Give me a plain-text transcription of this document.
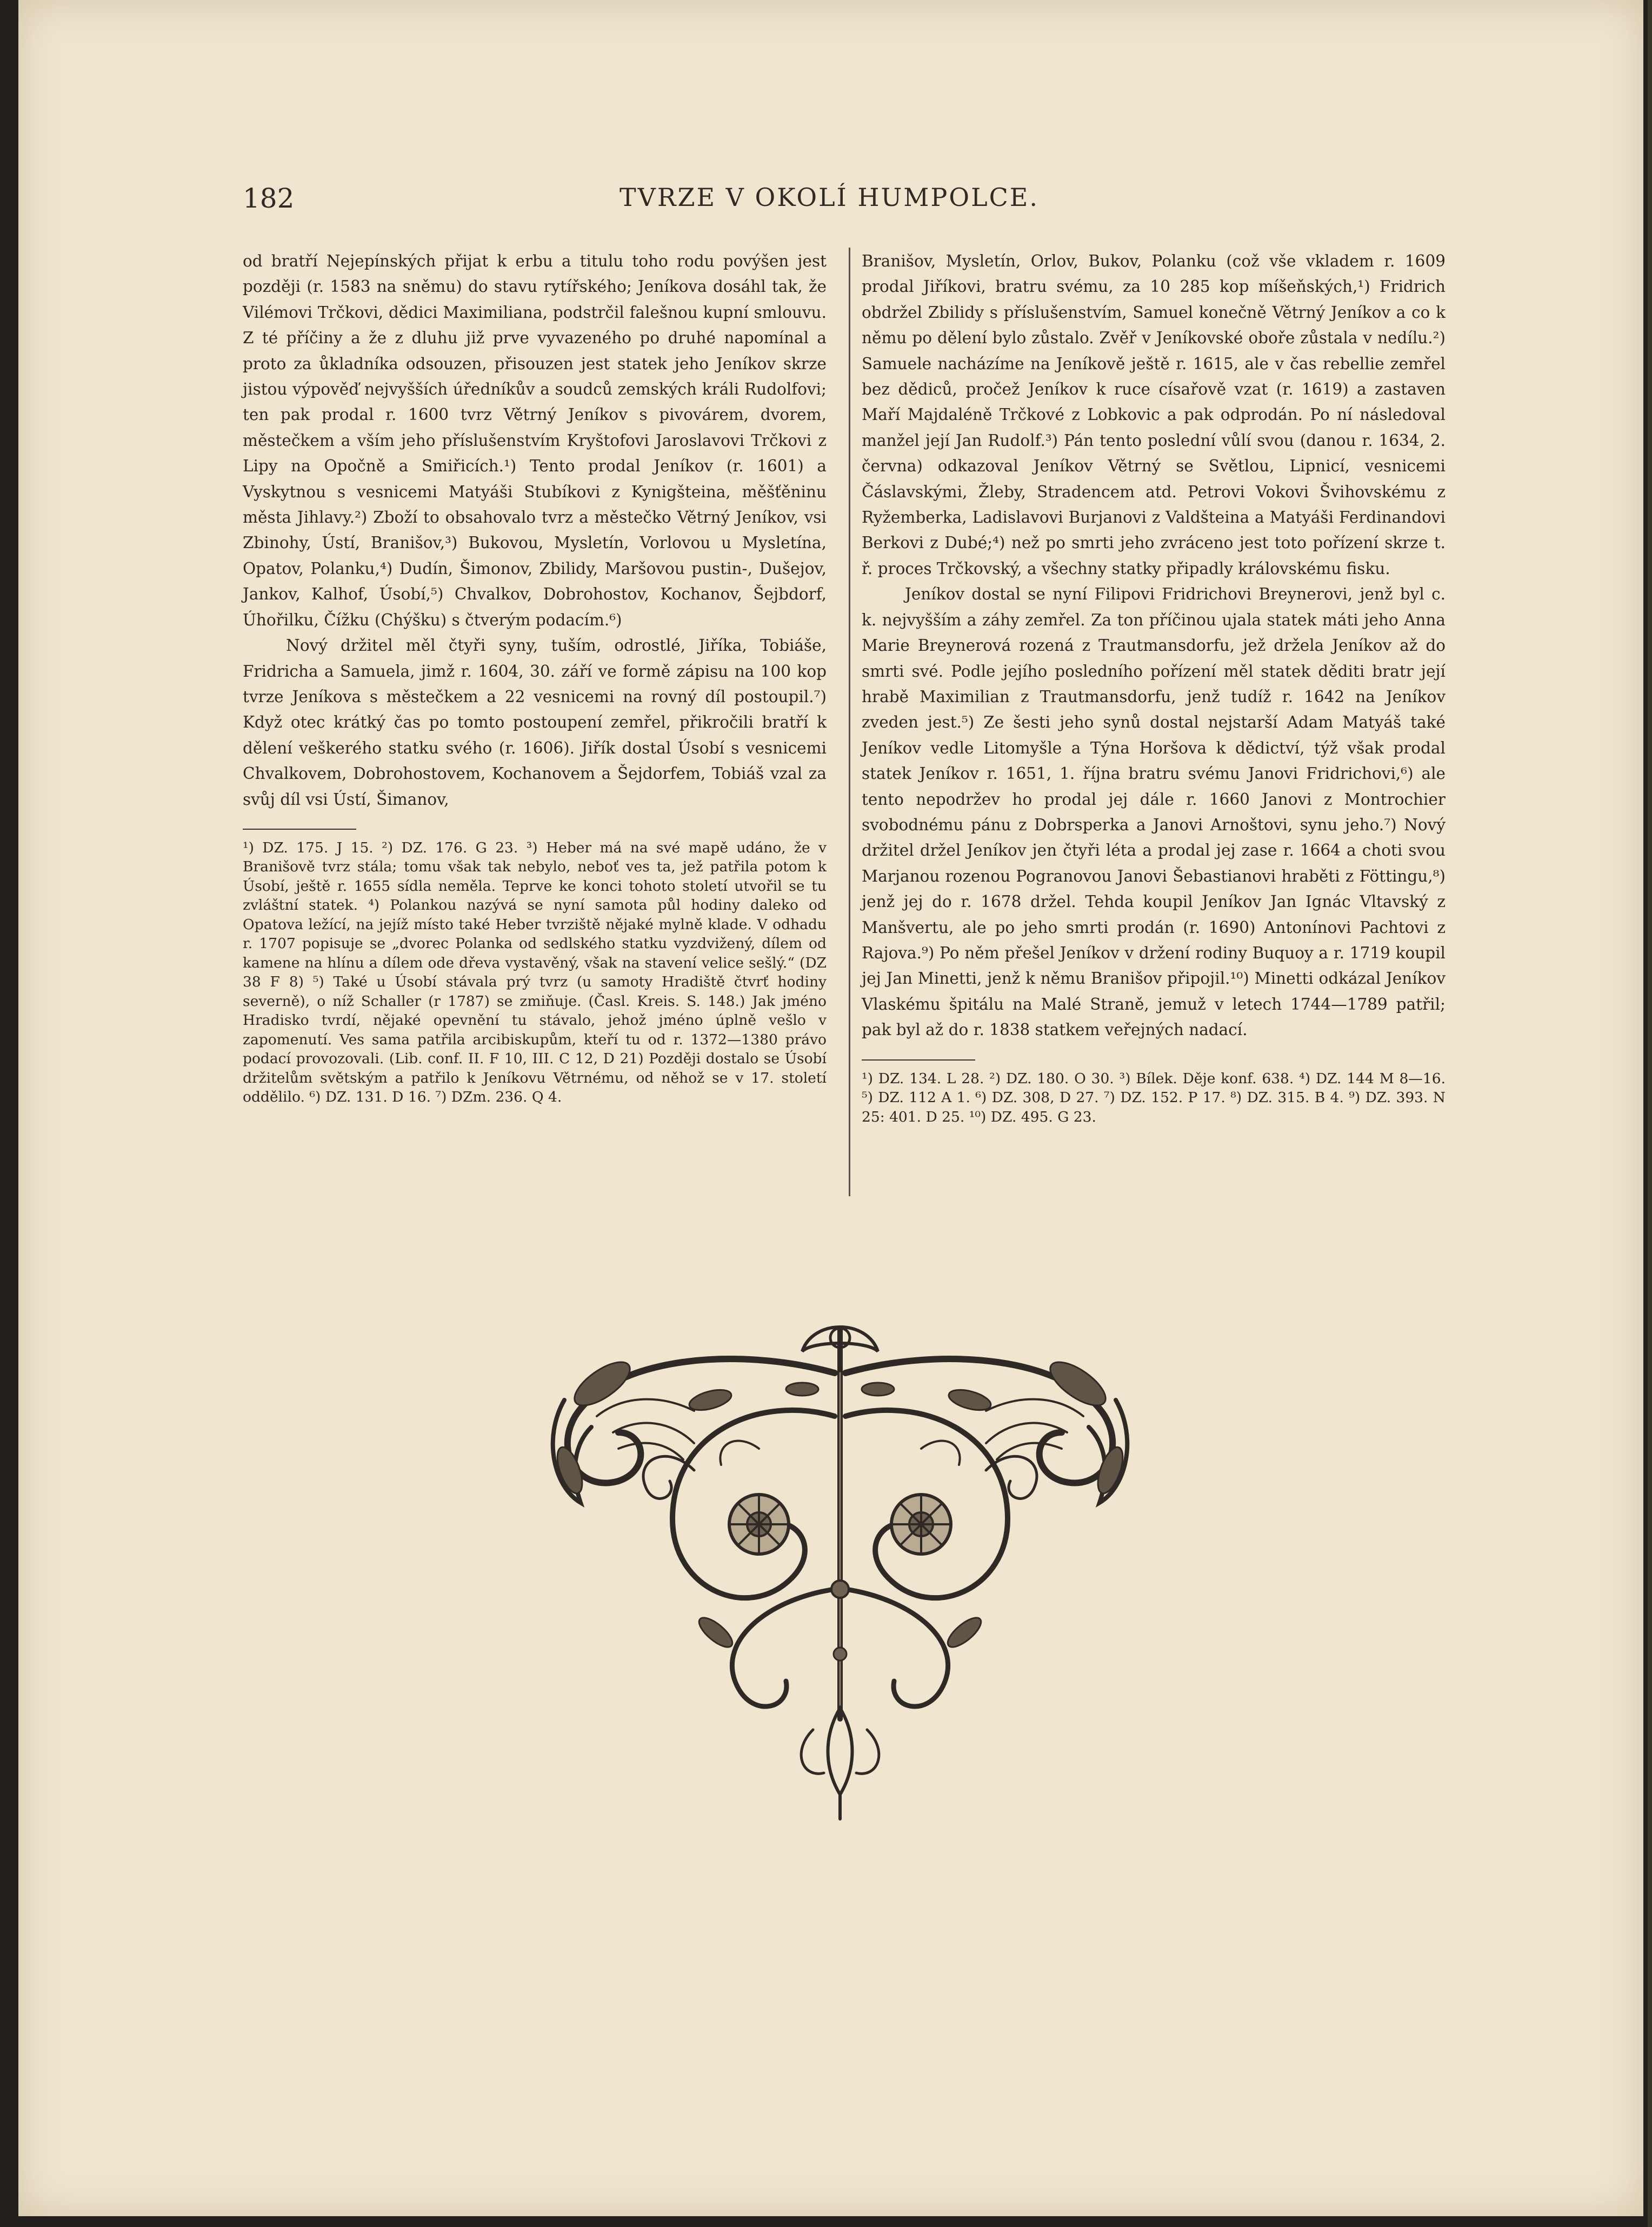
182	TVRZE V OKOLÍ HUMPOLCE.

od bratří Nejepínských přijat k erbu a titulu toho rodu povýšen jest později (r. 1583 na sněmu) do stavu rytířského; Jeníkova dosáhl tak, že Vilémovi Trčkovi, dědici Maximiliana, podstrčil falešnou kupní smlouvu. Z té příčiny a že z dluhu již prve vyvazeného po druhé napomínal a proto za ůkladníka odsouzen, přisouzen jest statek jeho Jeníkov skrze jistou výpověď nejvyšších úředníkův a soudců zemských králi Rudolfovi; ten pak prodal r. 1600 tvrz Větrný Jeníkov s pivovárem, dvorem, městečkem a vším jeho příslušenstvím Kryštofovi Jaroslavovi Trčkovi z Lipy na Opočně a Smiřicích.¹) Tento prodal Jeníkov (r. 1601) a Vyskytnou s vesnicemi Matyáši Stubíkovi z Kynigšteina, měšťěninu města Jihlavy.²) Zboží to obsahovalo tvrz a městečko Větrný Jeníkov, vsi Zbinohy, Ústí, Branišov,³) Bukovou, Mysletín, Vorlovou u Mysletína, Opatov, Polanku,⁴) Dudín, Šimonov, Zbilidy, Maršovou pustin-, Dušejov, Jankov, Kalhof, Úsobí,⁵) Chvalkov, Dobrohostov, Kochanov, Šejbdorf, Úhořilku, Čížku (Chýšku) s čtverým podacím.⁶)

Nový držitel měl čtyři syny, tuším, odrostlé, Jiříka, Tobiáše, Fridricha a Samuela, jimž r. 1604, 30. září ve formě zápisu na 100 kop tvrze Jeníkova s městečkem a 22 vesnicemi na rovný díl postoupil.⁷) Když otec krátký čas po tomto postoupení zemřel, přikročili bratří k dělení veškerého statku svého (r. 1606). Jiřík dostal Úsobí s vesnicemi Chvalkovem, Dobrohostovem, Kochanovem a Šejdorfem, Tobiáš vzal za svůj díl vsi Ústí, Šimanov,

¹) DZ. 175. J 15. ²) DZ. 176. G 23. ³) Heber má na své mapě udáno, že v Branišově tvrz stála; tomu však tak nebylo, neboť ves ta, jež patřila potom k Úsobí, ještě r. 1655 sídla neměla. Teprve ke konci tohoto století utvořil se tu zvláštní statek. ⁴) Polankou nazývá se nyní samota půl hodiny daleko od Opatova ležící, na jejíž místo také Heber tvrziště nějaké mylně klade. V odhadu r. 1707 popisuje se „dvorec Polanka od sedlského statku vyzdvižený, dílem od kamene na hlínu a dílem ode dřeva vystavěný, však na stavení velice sešlý.“ (DZ 38 F 8) ⁵) Také u Úsobí stávala prý tvrz (u samoty Hradiště čtvrť hodiny severně), o níž Schaller (r 1787) se zmiňuje. (Časl. Kreis. S. 148.) Jak jméno Hradisko tvrdí, nějaké opevnění tu stávalo, jehož jméno úplně vešlo v zapomenutí. Ves sama patřila arcibiskupům, kteří tu od r. 1372—1380 právo podací provozovali. (Lib. conf. II. F 10, III. C 12, D 21) Později dostalo se Úsobí držitelům světským a patřilo k Jeníkovu Větrnému, od něhož se v 17. století oddělilo. ⁶) DZ. 131. D 16. ⁷) DZm. 236. Q 4.

Branišov, Mysletín, Orlov, Bukov, Polanku (což vše vkladem r. 1609 prodal Jiříkovi, bratru svému, za 10 285 kop míšeňských,¹) Fridrich obdržel Zbilidy s příslušenstvím, Samuel konečně Větrný Jeníkov a co k němu po dělení bylo zůstalo. Zvěř v Jeníkovské oboře zůstala v nedílu.²) Samuele nacházíme na Jeníkově ještě r. 1615, ale v čas rebellie zemřel bez dědiců, pročež Jeníkov k ruce císařově vzat (r. 1619) a zastaven Maří Majdaléně Trčkové z Lobkovic a pak odprodán. Po ní následoval manžel její Jan Rudolf.³) Pán tento poslední vůlí svou (danou r. 1634, 2. června) odkazoval Jeníkov Větrný se Světlou, Lipnicí, vesnicemi Čáslavskými, Žleby, Stradencem atd. Petrovi Vokovi Švihovskému z Ryžemberka, Ladislavovi Burjanovi z Valdšteina a Matyáši Ferdinandovi Berkovi z Dubé;⁴) než po smrti jeho zvráceno jest toto pořízení skrze t. ř. proces Trčkovský, a všechny statky připadly královskému fisku.

Jeníkov dostal se nyní Filipovi Fridrichovi Breynerovi, jenž byl c. k. nejvyšším a záhy zemřel. Za ton příčinou ujala statek máti jeho Anna Marie Breynerová rozená z Trautmansdorfu, jež držela Jeníkov až do smrti své. Podle jejího posledního pořízení měl statek děditi bratr její hrabě Maximilian z Trautmansdorfu, jenž tudíž r. 1642 na Jeníkov zveden jest.⁵) Ze šesti jeho synů dostal nejstarší Adam Matyáš také Jeníkov vedle Litomyšle a Týna Horšova k dědictví, týž však prodal statek Jeníkov r. 1651, 1. října bratru svému Janovi Fridrichovi,⁶) ale tento nepodržev ho prodal jej dále r. 1660 Janovi z Montrochier svobodnému pánu z Dobrsperka a Janovi Arnoštovi, synu jeho.⁷) Nový držitel držel Jeníkov jen čtyři léta a prodal jej zase r. 1664 a choti svou Marjanou rozenou Pogranovou Janovi Šebastianovi hraběti z Föttingu,⁸) jenž jej do r. 1678 držel. Tehda koupil Jeníkov Jan Ignác Vltavský z Manšvertu, ale po jeho smrti prodán (r. 1690) Antonínovi Pachtovi z Rajova.⁹) Po něm přešel Jeníkov v držení rodiny Buquoy a r. 1719 koupil jej Jan Minetti, jenž k němu Branišov připojil.¹⁰) Minetti odkázal Jeníkov Vlaskému špitálu na Malé Straně, jemuž v letech 1744—1789 patřil; pak byl až do r. 1838 statkem veřejných nadací.

¹) DZ. 134. L 28. ²) DZ. 180. O 30. ³) Bílek. Děje konf. 638. ⁴) DZ. 144 M 8—16. ⁵) DZ. 112 A 1. ⁶) DZ. 308, D 27. ⁷) DZ. 152. P 17. ⁸) DZ. 315. B 4. ⁹) DZ. 393. N 25: 401. D 25. ¹⁰) DZ. 495. G 23.
